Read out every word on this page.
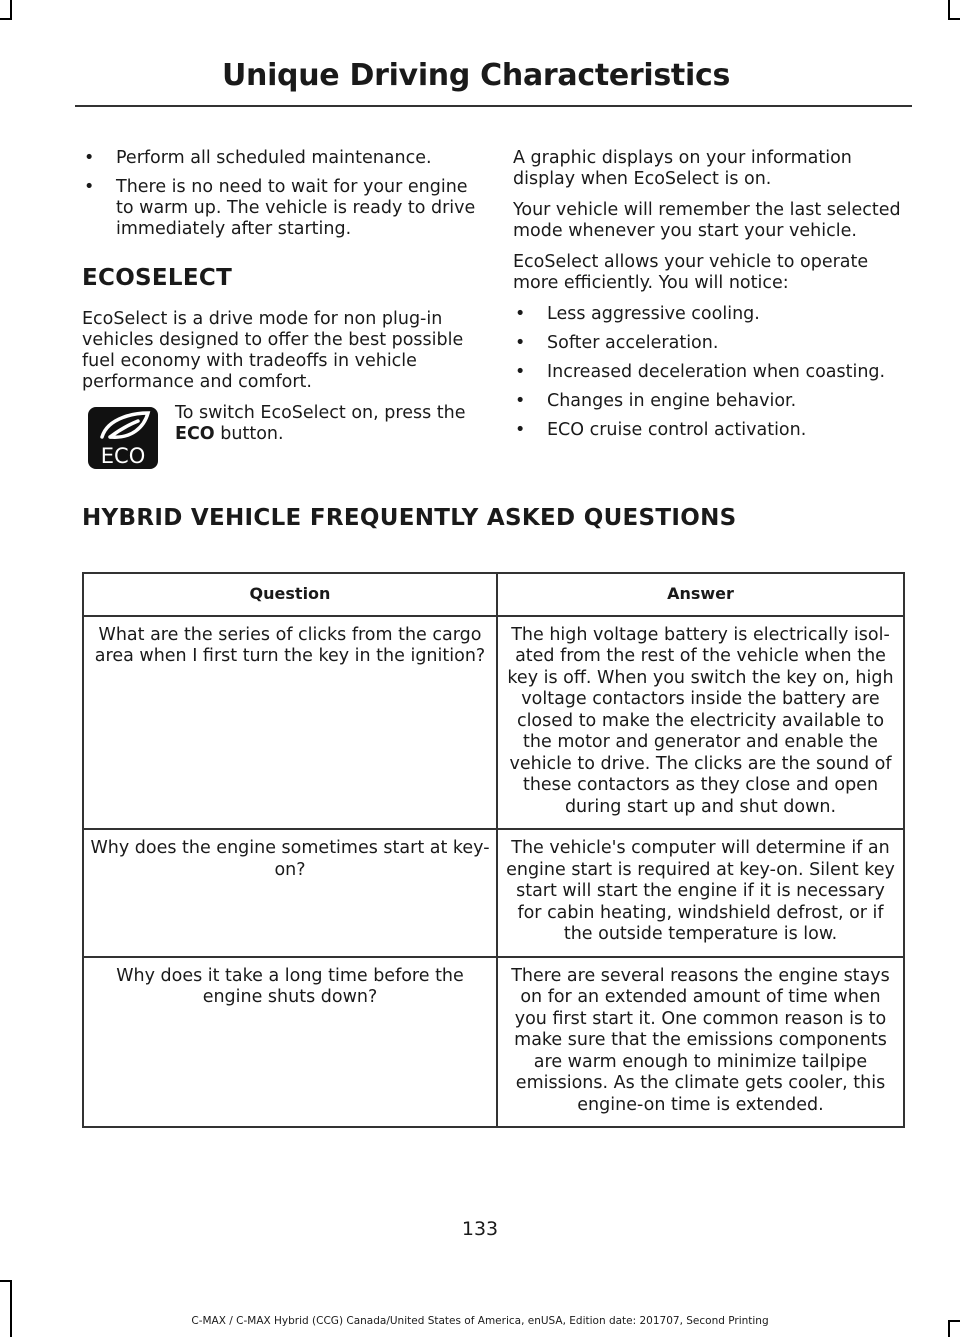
Unique Driving Characteristics
• Perform all scheduled maintenance.
• There is no need to wait for your engine to warm up. The vehicle is ready to drive immediately after starting.
ECOSELECT

EcoSelect is a drive mode for non plug-in vehicles designed to offer the best possible fuel economy with tradeoffs in vehicle performance and comfort.

ECO
To switch EcoSelect on, press the ECO button.

A graphic displays on your information display when EcoSelect is on.

Your vehicle will remember the last selected mode whenever you start your vehicle.

EcoSelect allows your vehicle to operate more efficiently. You will notice:

• Less aggressive cooling.
• Softer acceleration.
• Increased deceleration when coasting.
• Changes in engine behavior.
• ECO cruise control activation.
HYBRID VEHICLE FREQUENTLY ASKED QUESTIONS
Question	Answer
What are the series of clicks from the cargo area when I first turn the key in the ignition?	The high voltage battery is electrically isol-ated from the rest of the vehicle when the key is off. When you switch the key on, high voltage contactors inside the battery are closed to make the electricity available to the motor and generator and enable the vehicle to drive. The clicks are the sound of these contactors as they close and open during start up and shut down.
Why does the engine sometimes start at key-on?	The vehicle's computer will determine if an engine start is required at key-on. Silent key start will start the engine if it is necessary for cabin heating, windshield defrost, or if the outside temperature is low.
Why does it take a long time before the engine shuts down?	There are several reasons the engine stays on for an extended amount of time when you first start it. One common reason is to make sure that the emissions components are warm enough to minimize tailpipe emissions. As the climate gets cooler, this engine-on time is extended.
133
C-MAX / C-MAX Hybrid (CCG) Canada/United States of America, enUSA, Edition date: 201707, Second Printing
